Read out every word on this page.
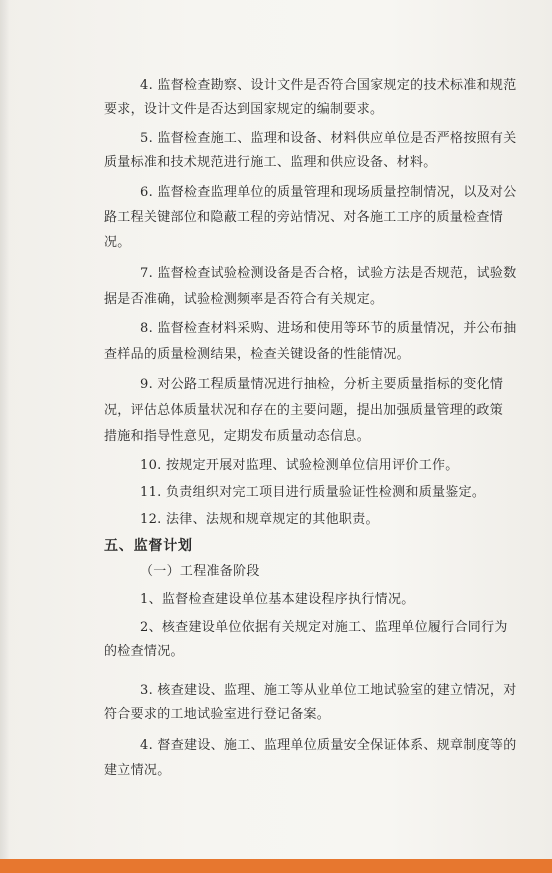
4. 监督检查勘察、设计文件是否符合国家规定的技术标准和规范
要求，设计文件是否达到国家规定的编制要求。
5. 监督检查施工、监理和设备、材料供应单位是否严格按照有关
质量标准和技术规范进行施工、监理和供应设备、材料。
6. 监督检查监理单位的质量管理和现场质量控制情况，以及对公
路工程关键部位和隐蔽工程的旁站情况、对各施工工序的质量检查情
况。
7. 监督检查试验检测设备是否合格，试验方法是否规范，试验数
据是否准确，试验检测频率是否符合有关规定。
8. 监督检查材料采购、进场和使用等环节的质量情况，并公布抽
查样品的质量检测结果，检查关键设备的性能情况。
9. 对公路工程质量情况进行抽检，分析主要质量指标的变化情
况，评估总体质量状况和存在的主要问题，提出加强质量管理的政策
措施和指导性意见，定期发布质量动态信息。
10. 按规定开展对监理、试验检测单位信用评价工作。
11. 负责组织对完工项目进行质量验证性检测和质量鉴定。
12. 法律、法规和规章规定的其他职责。
五、监督计划
（一）工程准备阶段
1、监督检查建设单位基本建设程序执行情况。
2、核查建设单位依据有关规定对施工、监理单位履行合同行为
的检查情况。
3. 核查建设、监理、施工等从业单位工地试验室的建立情况，对
符合要求的工地试验室进行登记备案。
4. 督查建设、施工、监理单位质量安全保证体系、规章制度等的
建立情况。
